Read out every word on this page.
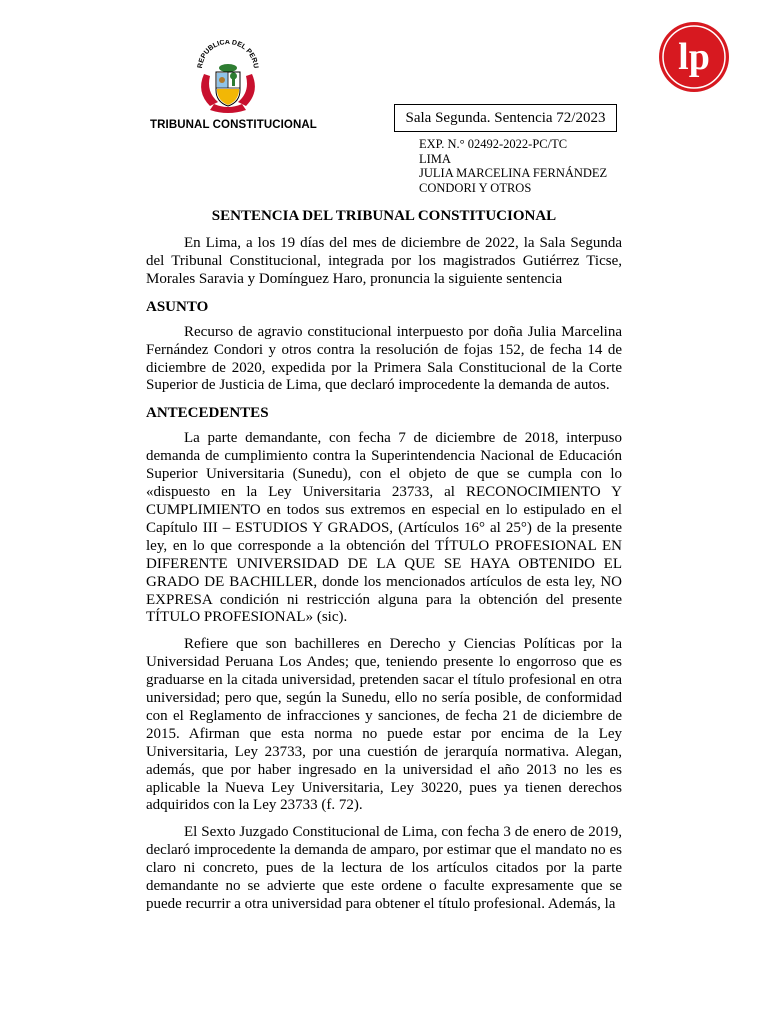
REPUBLICA DEL PERU
TRIBUNAL CONSTITUCIONAL
lp
Sala Segunda. Sentencia 72/2023
EXP. N.° 02492-2022-PC/TC
LIMA
JULIA MARCELINA FERNÁNDEZ
CONDORI Y OTROS
SENTENCIA DEL TRIBUNAL CONSTITUCIONAL

En Lima, a los 19 días del mes de diciembre de 2022, la Sala Segunda del Tribunal Constitucional, integrada por los magistrados Gutiérrez Ticse, Morales Saravia y Domínguez Haro, pronuncia la siguiente sentencia

ASUNTO

Recurso de agravio constitucional interpuesto por doña Julia Marcelina Fernández Condori y otros contra la resolución de fojas 152, de fecha 14 de diciembre de 2020, expedida por la Primera Sala Constitucional de la Corte Superior de Justicia de Lima, que declaró improcedente la demanda de autos.

ANTECEDENTES

La parte demandante, con fecha 7 de diciembre de 2018, interpuso demanda de cumplimiento contra la Superintendencia Nacional de Educación Superior Universitaria (Sunedu), con el objeto de que se cumpla con lo «dispuesto en la Ley Universitaria 23733, al RECONOCIMIENTO Y CUMPLIMIENTO en todos sus extremos en especial en lo estipulado en el Capítulo III – ESTUDIOS Y GRADOS, (Artículos 16° al 25°) de la presente ley, en lo que corresponde a la obtención del TÍTULO PROFESIONAL EN DIFERENTE UNIVERSIDAD DE LA QUE SE HAYA OBTENIDO EL GRADO DE BACHILLER, donde los mencionados artículos de esta ley, NO EXPRESA condición ni restricción alguna para la obtención del presente TÍTULO PROFESIONAL» (sic).

Refiere que son bachilleres en Derecho y Ciencias Políticas por la Universidad Peruana Los Andes; que, teniendo presente lo engorroso que es graduarse en la citada universidad, pretenden sacar el título profesional en otra universidad; pero que, según la Sunedu, ello no sería posible, de conformidad con el Reglamento de infracciones y sanciones, de fecha 21 de diciembre de 2015. Afirman que esta norma no puede estar por encima de la Ley Universitaria, Ley 23733, por una cuestión de jerarquía normativa. Alegan, además, que por haber ingresado en la universidad el año 2013 no les es aplicable la Nueva Ley Universitaria, Ley 30220, pues ya tienen derechos adquiridos con la Ley 23733 (f. 72).

El Sexto Juzgado Constitucional de Lima, con fecha 3 de enero de 2019, declaró improcedente la demanda de amparo, por estimar que el mandato no es claro ni concreto, pues de la lectura de los artículos citados por la parte demandante no se advierte que este ordene o faculte expresamente que se puede recurrir a otra universidad para obtener el título profesional. Además, la
